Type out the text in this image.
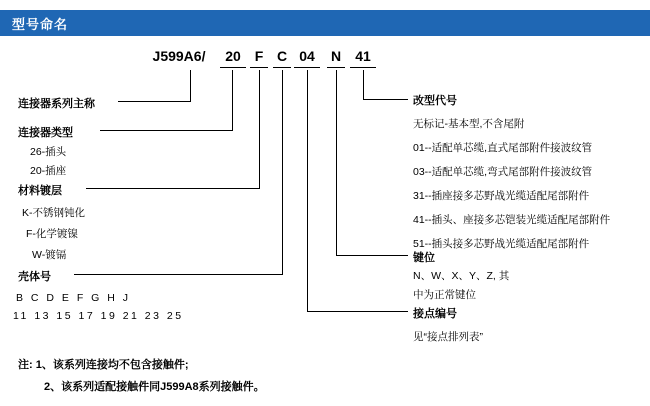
型号命名
J599A6/	20 F C 04 N 41
连接器系列主称
连接器类型
材料镀层
壳体号
26-插头
20-插座
K-不锈钢钝化
F-化学镀镍
W-镀镉
B C D E F G H J
11 13 15 17 19 21 23 25
改型代号
无标记-基本型,不含尾附
01--适配单芯缆,直式尾部附件接波纹管
03--适配单芯缆,弯式尾部附件接波纹管
31--插座接多芯野战光缆适配尾部附件
41--插头、座接多芯铠装光缆适配尾部附件
51--插头接多芯野战光缆适配尾部附件
键位
N、W、X、Y、Z, 其
中为正常键位
接点编号
见“接点排列表”
注: 1、该系列连接均不包含接触件;
2、该系列适配接触件同J599A8系列接触件。
